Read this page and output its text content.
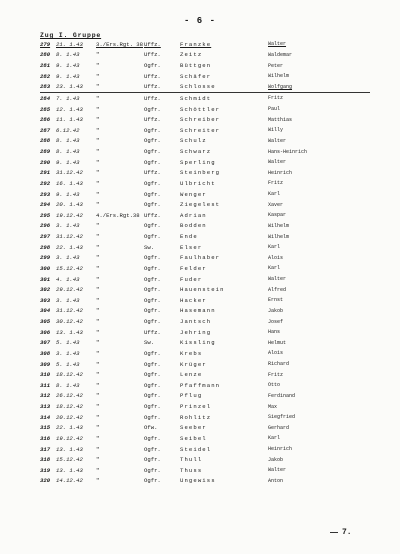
- 6 -
Zug I. Gruppe
279	21. 1.43	3./Ers.Rgt. 38 Uffz.	Franzke	Walter
280	8. 1.43	"	Uffz.	Zeitz	Waldemar
281	9. 1.43	"	Ogfr.	Büttgen	Peter
282	9. 1.43	"	Uffz.	Schäfer	Wilhelm
283	23. 1.43	"	Uffz.	Schlosse	Wolfgang
284	7. 1.43	"	Uffz.	Schmidt	Fritz
285	12. 1.43	"	Ogfr.	Schöttler	Paul
286	11. 1.43	"	Uffz.	Schreiber	Matthias
287	6.12.42	"	Ogfr.	Schreiter	Willy
288	8. 1.43	"	Ogfr.	Schulz	Walter
289	8. 1.43	"	Ogfr.	Schwarz	Hans-Heinrich
290	9. 1.43	"	Ogfr.	Sperling	Walter
291	31.12.42	"	Uffz.	Steinberg	Heinrich
292	16. 1.43	"	Ogfr.	Ulbricht	Fritz
293	9. 1.43	"	Ogfr.	Wenger	Karl
294	20. 1.43	"	Ogfr.	Ziegelest	Xaver
295	19.12.42	4./Ers.Rgt.38 Uffz.	Adrian	Kaspar
296	3. 1.43	"	Ogfr.	Bodden	Wilhelm
297	31.12.42	"	Ogfr.	Ende	Wilhelm
298	22. 1.43	"	Sw.	Elser	Karl
299	3. 1.43	"	Ogfr.	Faulhaber	Alois
300	15.12.42	"	Ogfr.	Felder	Karl
301	4. 1.43	"	Ogfr.	Fuder	Walter
302	29.12.42	"	Ogfr.	Hauenstein	Alfred
303	3. 1.43	"	Ogfr.	Hacker	Ernst
304	31.12.42	"	Ogfr.	Hasemann	Jakob
305	30.12.42	"	Ogfr.	Jantsch	Josef
306	13. 1.43	"	Uffz.	Jehring	Hans
307	5. 1.43	"	Sw.	Kissling	Helmut
308	3. 1.43	"	Ogfr.	Krebs	Alois
309	5. 1.43	"	Ogfr.	Krüger	Richard
310	18.12.42	"	Ogfr.	Lenze	Fritz
311	8. 1.43	"	Ogfr.	Pfaffmann	Otto
312	26.12.42	"	Ogfr.	Pflug	Ferdinand
313	18.12.42	"	Ogfr.	Prinzel	Max
314	20.12.42	"	Ogfr.	Rohlitz	Siegfried
315	22. 1.43	"	Ofw.	Seeber	Gerhard
316	19.12.42	"	Ogfr.	Seibel	Karl
317	13. 1.43	"	Ogfr.	Steidel	Heinrich
318	15.12.42	"	Ogfr.	Thull	Jakob
319	13. 1.43	"	Ogfr.	Thuss	Walter
320	14.12.42	"	Ogfr.	Ungewiss	Anton
7.
